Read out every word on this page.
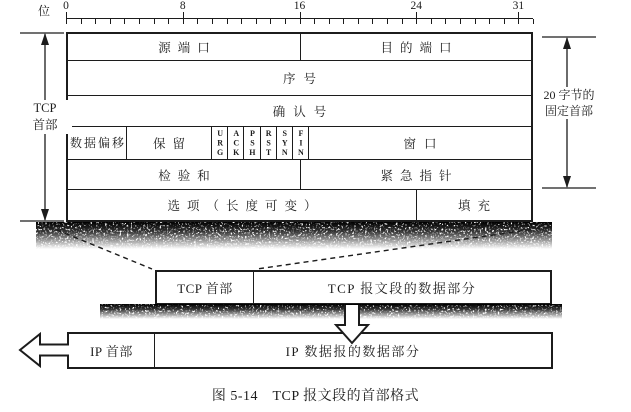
位 0	8	16	24	31
源端口	目的端口
序号
确认号
数据偏移	保留	URG ACK PSH RST SYN FIN	窗口
检验和	紧急指针
选项（长度可变）	填充
TCP
首部
20 字节的
固定首部
TCP 首部	TCP 报文段的数据部分
IP 首部	IP 数据报的数据部分
图 5-14　TCP 报文段的首部格式
